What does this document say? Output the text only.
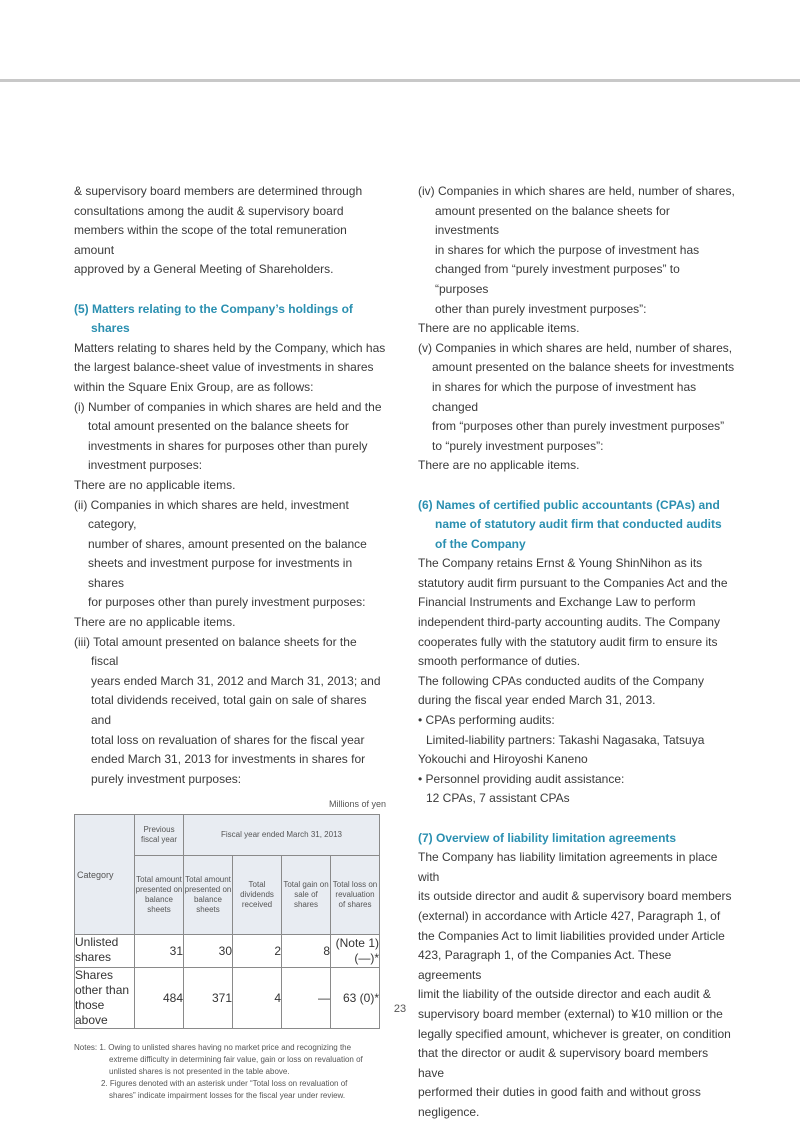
& supervisory board members are determined through

consultations among the audit & supervisory board

members within the scope of the total remuneration amount

approved by a General Meeting of Shareholders.

(5) Matters relating to the Company’s holdings of
shares

Matters relating to shares held by the Company, which has

the largest balance-sheet value of investments in shares

within the Square Enix Group, are as follows:

(i) Number of companies in which shares are held and the
total amount presented on the balance sheets for
investments in shares for purposes other than purely
investment purposes:

There are no applicable items.

(ii) Companies in which shares are held, investment category,
number of shares, amount presented on the balance
sheets and investment purpose for investments in shares
for purposes other than purely investment purposes:

There are no applicable items.

(iii) Total amount presented on balance sheets for the fiscal
years ended March 31, 2012 and March 31, 2013; and
total dividends received, total gain on sale of shares and
total loss on revaluation of shares for the fiscal year
ended March 31, 2013 for investments in shares for
purely investment purposes:

Millions of yen
Category	Previous fiscal year	Fiscal year ended March 31, 2013			
	Total amount presented on balance sheets	Total amount presented on balance sheets	Total dividends received	Total gain on sale of shares	Total loss on revaluation of shares
Unlisted shares	31	30	2	8	(Note 1) (—)*
Shares other than those above	484	371	4	—	63 (0)*
Notes: 1. Owing to unlisted shares having no market price and recognizing the
extreme difficulty in determining fair value, gain or loss on revaluation of
unlisted shares is not presented in the table above.
2. Figures denoted with an asterisk under “Total loss on revaluation of
shares” indicate impairment losses for the fiscal year under review.

(iv) Companies in which shares are held, number of shares,
amount presented on the balance sheets for investments
in shares for which the purpose of investment has
changed from “purely investment purposes” to “purposes
other than purely investment purposes”:

There are no applicable items.

(v) Companies in which shares are held, number of shares,
amount presented on the balance sheets for investments
in shares for which the purpose of investment has changed
from “purposes other than purely investment purposes”
to “purely investment purposes”:

There are no applicable items.

(6) Names of certified public accountants (CPAs) and
name of statutory audit firm that conducted audits
of the Company

The Company retains Ernst & Young ShinNihon as its

statutory audit firm pursuant to the Companies Act and the

Financial Instruments and Exchange Law to perform

independent third-party accounting audits. The Company

cooperates fully with the statutory audit firm to ensure its

smooth performance of duties.

The following CPAs conducted audits of the Company

during the fiscal year ended March 31, 2013.

• CPAs performing audits:

Limited-liability partners: Takashi Nagasaka, Tatsuya

Yokouchi and Hiroyoshi Kaneno

• Personnel providing audit assistance:

12 CPAs, 7 assistant CPAs

(7) Overview of liability limitation agreements

The Company has liability limitation agreements in place with

its outside director and audit & supervisory board members

(external) in accordance with Article 427, Paragraph 1, of

the Companies Act to limit liabilities provided under Article

423, Paragraph 1, of the Companies Act. These agreements

limit the liability of the outside director and each audit &

supervisory board member (external) to ¥10 million or the

legally specified amount, whichever is greater, on condition

that the director or audit & supervisory board members have

performed their duties in good faith and without gross

negligence.

23
